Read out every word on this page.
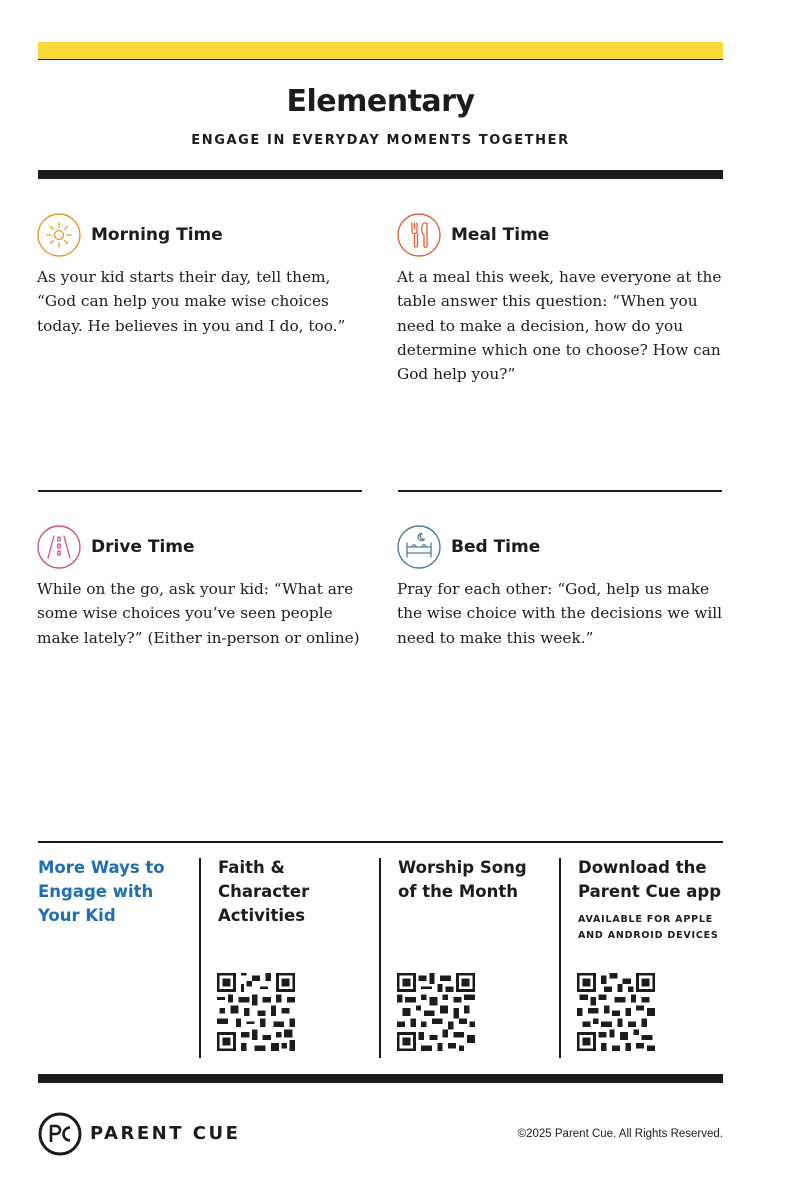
Elementary
ENGAGE IN EVERYDAY MOMENTS TOGETHER
Morning Time

As your kid starts their day, tell them, “God can help you make wise choices today. He believes in you and I do, too.”

Meal Time

At a meal this week, have everyone at the table answer this question: “When you need to make a decision, how do you determine which one to choose? How can God help you?”

Drive Time

While on the go, ask your kid: “What are some wise choices you’ve seen people make lately?” (Either in-person or online)

Bed Time

Pray for each other: “God, help us make the wise choice with the decisions we will need to make this week.”

More Ways to Engage with Your Kid
Faith & Character Activities
Worship Song of the Month
Download the Parent Cue app
AVAILABLE FOR APPLE AND ANDROID DEVICES
PARENT CUE	©2025 Parent Cue. All Rights Reserved.
